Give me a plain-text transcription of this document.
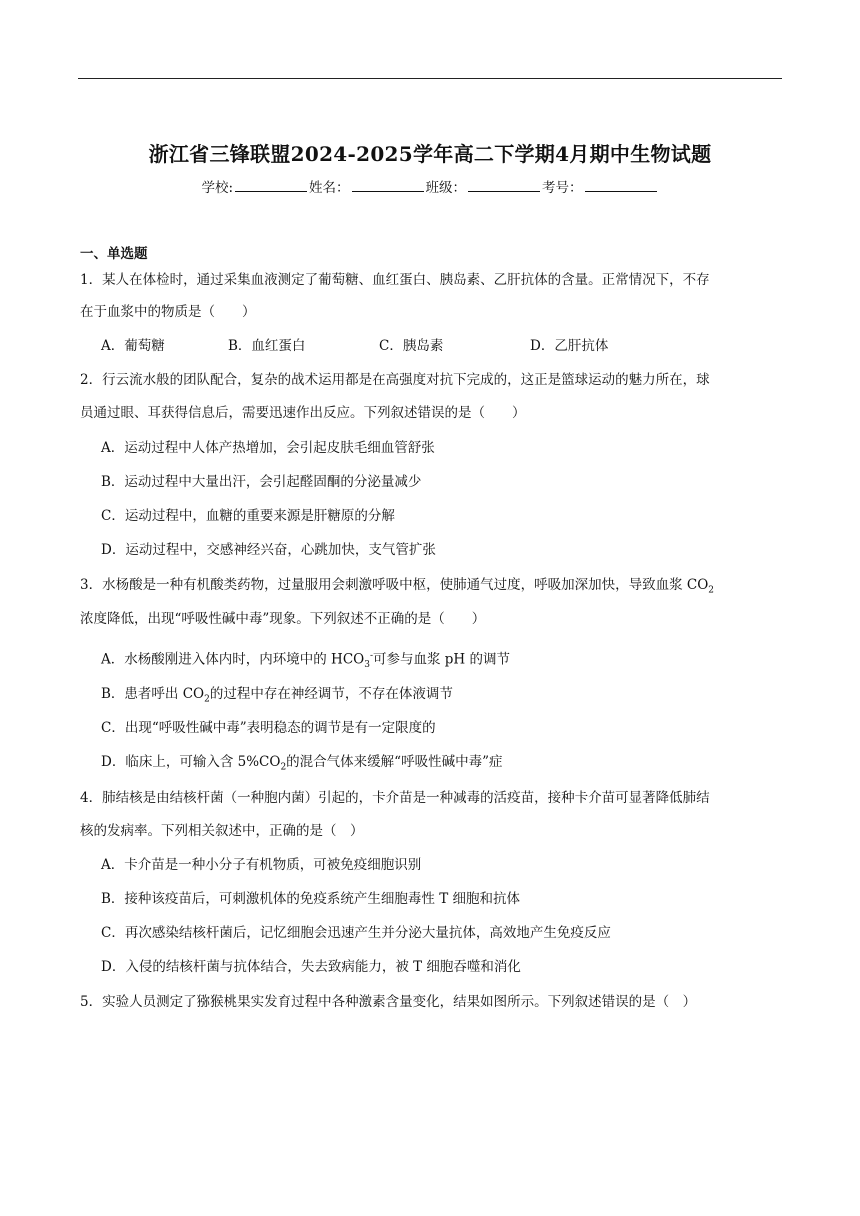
浙江省三锋联盟2024-2025学年高二下学期4月期中生物试题
学校:	姓名：	班级：	考号：
一、单选题
1．某人在体检时，通过采集血液测定了葡萄糖、血红蛋白、胰岛素、乙肝抗体的含量。正常情况下，不存
在于血浆中的物质是（　　）
A．葡萄糖	B．血红蛋白	C．胰岛素	D．乙肝抗体
2．行云流水般的团队配合，复杂的战术运用都是在高强度对抗下完成的，这正是篮球运动的魅力所在，球
员通过眼、耳获得信息后，需要迅速作出反应。下列叙述错误的是（　　）
A．运动过程中人体产热增加，会引起皮肤毛细血管舒张
B．运动过程中大量出汗，会引起醛固酮的分泌量减少
C．运动过程中，血糖的重要来源是肝糖原的分解
D．运动过程中，交感神经兴奋，心跳加快，支气管扩张
3．水杨酸是一种有机酸类药物，过量服用会刺激呼吸中枢，使肺通气过度，呼吸加深加快，导致血浆 $CO_2$
浓度降低，出现“呼吸性碱中毒”现象。下列叙述不正确的是（　　）
A．水杨酸刚进入体内时，内环境中的 $HCO_3^-$可参与血浆 pH 的调节
B．患者呼出 $CO_2$的过程中存在神经调节，不存在体液调节
C．出现“呼吸性碱中毒”表明稳态的调节是有一定限度的
D．临床上，可输入含 $5\%CO_2$的混合气体来缓解“呼吸性碱中毒”症
4．肺结核是由结核杆菌（一种胞内菌）引起的，卡介苗是一种减毒的活疫苗，接种卡介苗可显著降低肺结
核的发病率。下列相关叙述中，正确的是（　）
A．卡介苗是一种小分子有机物质，可被免疫细胞识别
B．接种该疫苗后，可刺激机体的免疫系统产生细胞毒性 T 细胞和抗体
C．再次感染结核杆菌后，记忆细胞会迅速产生并分泌大量抗体，高效地产生免疫反应
D．入侵的结核杆菌与抗体结合，失去致病能力，被 T 细胞吞噬和消化
5．实验人员测定了猕猴桃果实发育过程中各种激素含量变化，结果如图所示。下列叙述错误的是（　）
